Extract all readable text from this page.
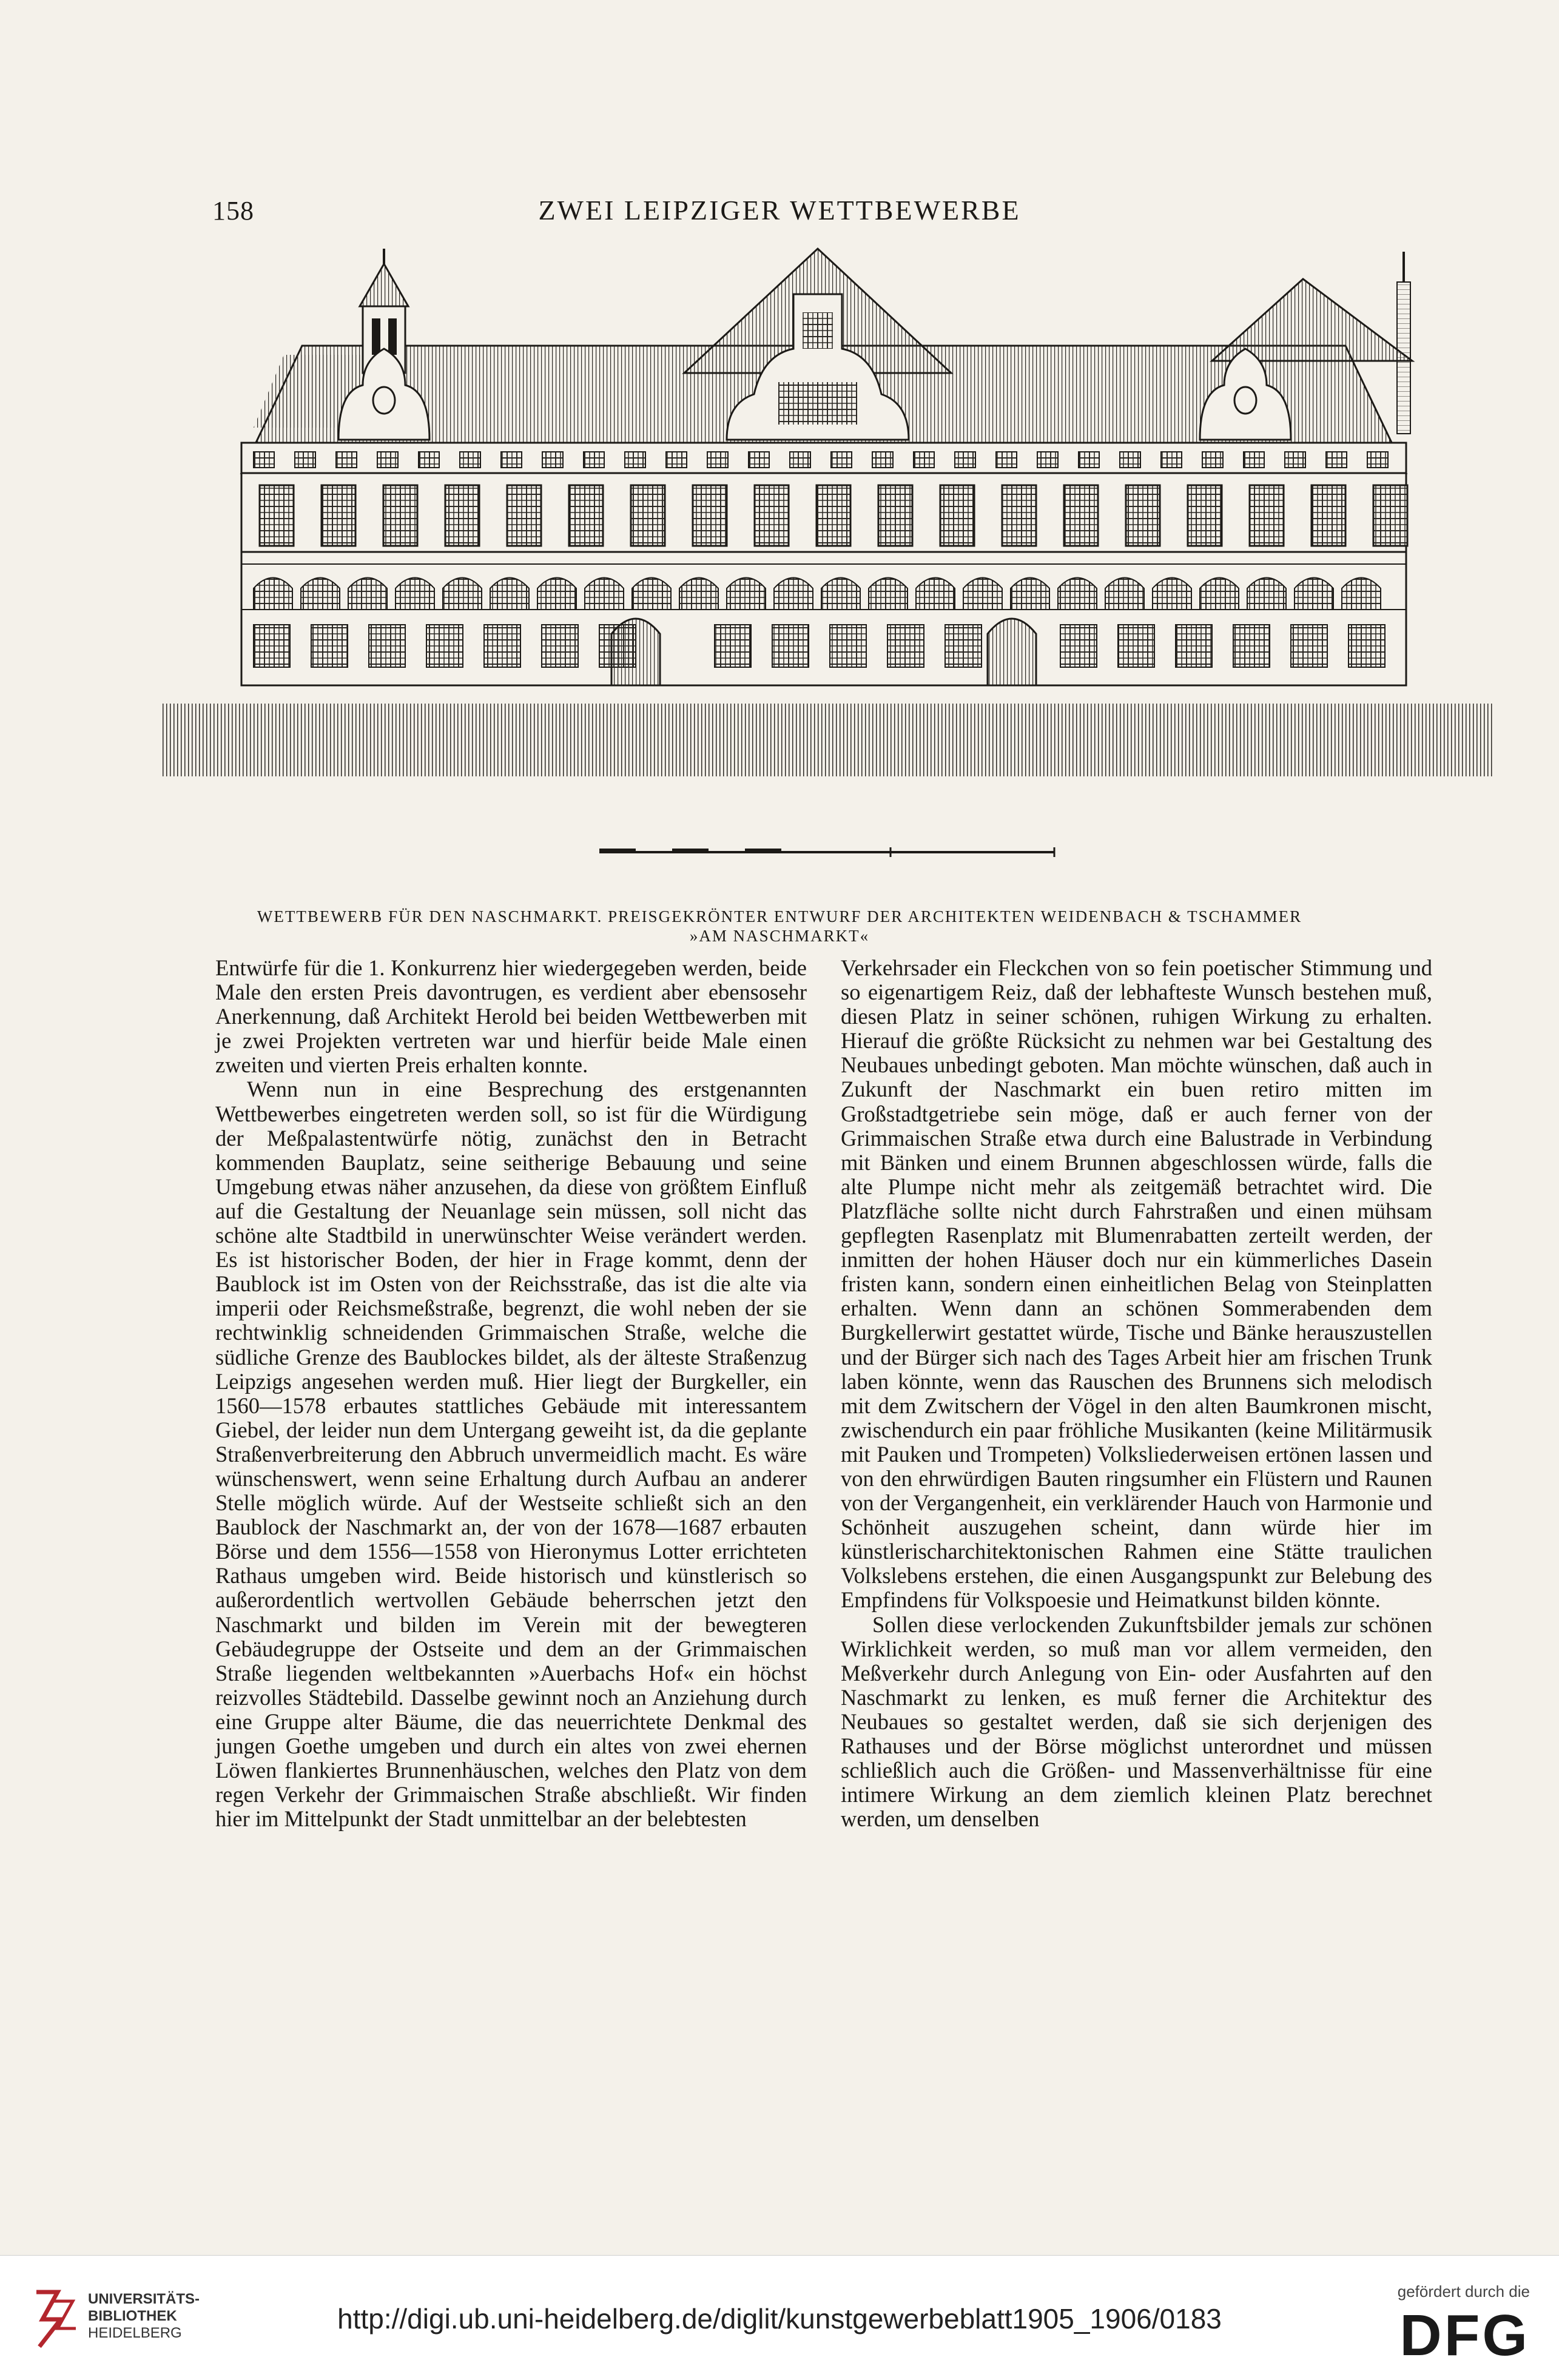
158	ZWEI LEIPZIGER WETTBEWERBE
WETTBEWERB FÜR DEN NASCHMARKT. PREISGEKRÖNTER ENTWURF DER ARCHITEKTEN WEIDENBACH & TSCHAMMER
»AM NASCHMARKT«

Entwürfe für die 1. Konkurrenz hier wiedergegeben werden, beide Male den ersten Preis davontrugen, es verdient aber ebensosehr Anerkennung, daß Architekt Herold bei beiden Wettbewerben mit je zwei Projekten vertreten war und hierfür beide Male einen zweiten und vierten Preis erhalten konnte.

Wenn nun in eine Besprechung des erstgenannten Wettbewerbes eingetreten werden soll, so ist für die Würdigung der Meßpalastentwürfe nötig, zunächst den in Betracht kommenden Bauplatz, seine seitherige Bebauung und seine Umgebung etwas näher anzusehen, da diese von größtem Einfluß auf die Gestaltung der Neuanlage sein müssen, soll nicht das schöne alte Stadtbild in unerwünschter Weise verändert werden. Es ist historischer Boden, der hier in Frage kommt, denn der Baublock ist im Osten von der Reichsstraße, das ist die alte via imperii oder Reichsmeßstraße, begrenzt, die wohl neben der sie rechtwinklig schneidenden Grimmaischen Straße, welche die südliche Grenze des Baublockes bildet, als der älteste Straßenzug Leipzigs angesehen werden muß. Hier liegt der Burgkeller, ein 1560—1578 erbautes stattliches Gebäude mit interessantem Giebel, der leider nun dem Untergang geweiht ist, da die geplante Straßenverbreiterung den Abbruch unvermeidlich macht. Es wäre wünschenswert, wenn seine Erhaltung durch Aufbau an anderer Stelle möglich würde. Auf der Westseite schließt sich an den Baublock der Naschmarkt an, der von der 1678—1687 erbauten Börse und dem 1556—1558 von Hieronymus Lotter errichteten Rathaus umgeben wird. Beide historisch und künstlerisch so außerordentlich wertvollen Gebäude beherrschen jetzt den Naschmarkt und bilden im Verein mit der bewegteren Gebäudegruppe der Ostseite und dem an der Grimmaischen Straße liegenden weltbekannten »Auerbachs Hof« ein höchst reizvolles Städtebild. Dasselbe gewinnt noch an Anziehung durch eine Gruppe alter Bäume, die das neuerrichtete Denkmal des jungen Goethe umgeben und durch ein altes von zwei ehernen Löwen flankiertes Brunnenhäuschen, welches den Platz von dem regen Verkehr der Grimmaischen Straße abschließt. Wir finden hier im Mittelpunkt der Stadt unmittelbar an der belebtesten

Verkehrsader ein Fleckchen von so fein poetischer Stimmung und so eigenartigem Reiz, daß der lebhafteste Wunsch bestehen muß, diesen Platz in seiner schönen, ruhigen Wirkung zu erhalten. Hierauf die größte Rücksicht zu nehmen war bei Gestaltung des Neubaues unbedingt geboten. Man möchte wünschen, daß auch in Zukunft der Naschmarkt ein buen retiro mitten im Großstadtgetriebe sein möge, daß er auch ferner von der Grimmaischen Straße etwa durch eine Balustrade in Verbindung mit Bänken und einem Brunnen abgeschlossen würde, falls die alte Plumpe nicht mehr als zeitgemäß betrachtet wird. Die Platzfläche sollte nicht durch Fahrstraßen und einen mühsam gepflegten Rasenplatz mit Blumenrabatten zerteilt werden, der inmitten der hohen Häuser doch nur ein kümmerliches Dasein fristen kann, sondern einen einheitlichen Belag von Steinplatten erhalten. Wenn dann an schönen Sommerabenden dem Burgkellerwirt gestattet würde, Tische und Bänke herauszustellen und der Bürger sich nach des Tages Arbeit hier am frischen Trunk laben könnte, wenn das Rauschen des Brunnens sich melodisch mit dem Zwitschern der Vögel in den alten Baumkronen mischt, zwischendurch ein paar fröhliche Musikanten (keine Militärmusik mit Pauken und Trompeten) Volksliederweisen ertönen lassen und von den ehrwürdigen Bauten ringsumher ein Flüstern und Raunen von der Vergangenheit, ein verklärender Hauch von Harmonie und Schönheit auszugehen scheint, dann würde hier im künstlerischarchitektonischen Rahmen eine Stätte traulichen Volkslebens erstehen, die einen Ausgangspunkt zur Belebung des Empfindens für Volkspoesie und Heimatkunst bilden könnte.

Sollen diese verlockenden Zukunftsbilder jemals zur schönen Wirklichkeit werden, so muß man vor allem vermeiden, den Meßverkehr durch Anlegung von Ein- oder Ausfahrten auf den Naschmarkt zu lenken, es muß ferner die Architektur des Neubaues so gestaltet werden, daß sie sich derjenigen des Rathauses und der Börse möglichst unterordnet und müssen schließlich auch die Größen- und Massenverhältnisse für eine intimere Wirkung an dem ziemlich kleinen Platz berechnet werden, um denselben

UNIVERSITÄTS-
BIBLIOTHEK
HEIDELBERG	http://digi.ub.uni-heidelberg.de/diglit/kunstgewerbeblatt1905_1906/0183
gefördert durch die
DFG
